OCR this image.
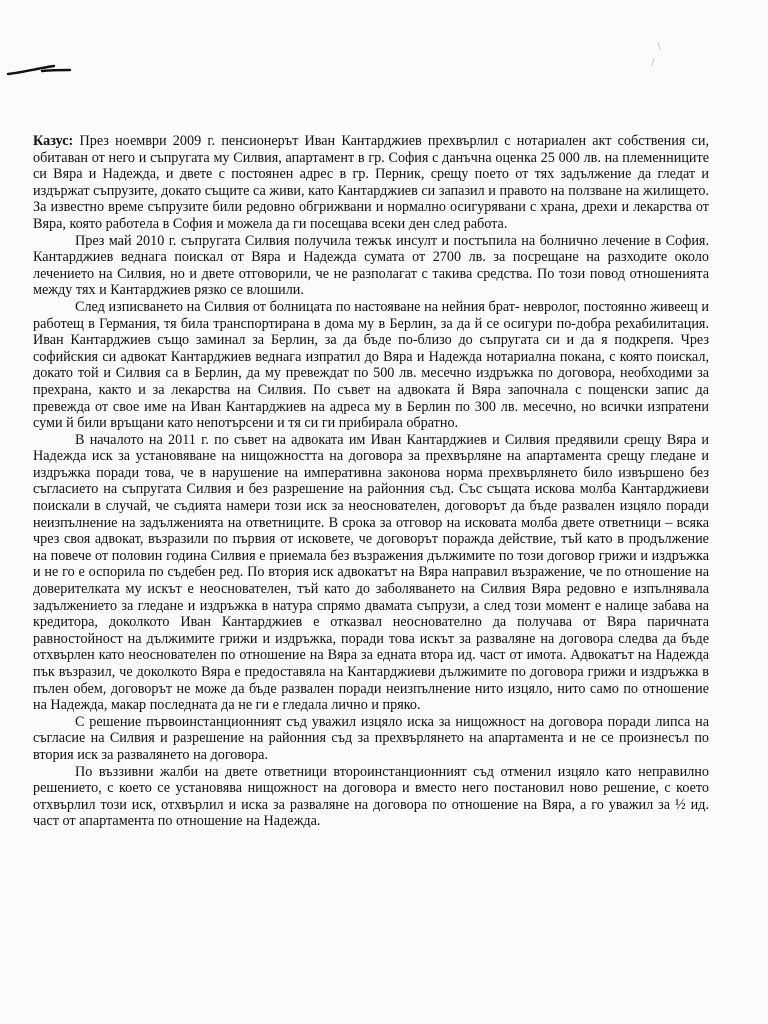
Казус: През ноември 2009 г. пенсионерът Иван Кантарджиев прехвърлил с нотариален акт собствения си, обитаван от него и съпругата му Силвия, апартамент в гр. София с данъчна оценка 25 000 лв. на племенниците си Вяра и Надежда, и двете с постоянен адрес в гр. Перник, срещу поето от тях задължение да гледат и издържат съпрузите, докато същите са живи, като Кантарджиев си запазил и правото на ползване на жилището. За известно време съпрузите били редовно обгрижвани и нормално осигурявани с храна, дрехи и лекарства от Вяра, която работела в София и можела да ги посещава всеки ден след работа.

През май 2010 г. съпругата Силвия получила тежък инсулт и постъпила на болнично лечение в София. Кантарджиев веднага поискал от Вяра и Надежда сумата от 2700 лв. за посрещане на разходите около лечението на Силвия, но и двете отговорили, че не разполагат с такива средства. По този повод отношенията между тях и Кантарджиев рязко се влошили.

След изписването на Силвия от болницата по настояване на нейния брат- невролог, постоянно живеещ и работещ в Германия, тя била транспортирана в дома му в Берлин, за да й се осигури по-добра рехабилитация. Иван Кантарджиев също заминал за Берлин, за да бъде по-близо до съпругата си и да я подкрепя. Чрез софийския си адвокат Кантарджиев веднага изпратил до Вяра и Надежда нотариална покана, с която поискал, докато той и Силвия са в Берлин, да му превеждат по 500 лв. месечно издръжка по договора, необходими за прехрана, както и за лекарства на Силвия. По съвет на адвоката й Вяра започнала с пощенски запис да превежда от свое име на Иван Кантарджиев на адреса му в Берлин по 300 лв. месечно, но всички изпратени суми й били връщани като непотърсени и тя си ги прибирала обратно.

В началото на 2011 г. по съвет на адвоката им Иван Кантарджиев и Силвия предявили срещу Вяра и Надежда иск за установяване на нищожността на договора за прехвърляне на апартамента срещу гледане и издръжка поради това, че в нарушение на императивна законова норма прехвърлянето било извършено без съгласието на съпругата Силвия и без разрешение на районния съд. Със същата искова молба Кантарджиеви поискали в случай, че съдията намери този иск за неоснователен, договорът да бъде развален изцяло поради неизпълнение на задълженията на ответниците. В срока за отговор на исковата молба двете ответници – всяка чрез своя адвокат, възразили по първия от исковете, че договорът поражда действие, тъй като в продължение на повече от половин година Силвия е приемала без възражения дължимите по този договор грижи и издръжка и не го е оспорила по съдебен ред. По втория иск адвокатът на Вяра направил възражение, че по отношение на доверителката му искът е неоснователен, тъй като до заболяването на Силвия Вяра редовно е изпълнявала задължението за гледане и издръжка в натура спрямо двамата съпрузи, а след този момент е налице забава на кредитора, доколкото Иван Кантарджиев е отказвал неоснователно да получава от Вяра паричната равностойност на дължимите грижи и издръжка, поради това искът за разваляне на договора следва да бъде отхвърлен като неоснователен по отношение на Вяра за едната втора ид. част от имота. Адвокатът на Надежда пък възразил, че доколкото Вяра е предоставяла на Кантарджиеви дължимите по договора грижи и издръжка в пълен обем, договорът не може да бъде развален поради неизпълнение нито изцяло, нито само по отношение на Надежда, макар последната да не ги е гледала лично и пряко.

С решение първоинстанционният съд уважил изцяло иска за нищожност на договора поради липса на съгласие на Силвия и разрешение на районния съд за прехвърлянето на апартамента и не се произнесъл по втория иск за развалянето на договора.

По въззивни жалби на двете ответници второинстанционният съд отменил изцяло като неправилно решението, с което се установява нищожност на договора и вместо него постановил ново решение, с което отхвърлил този иск, отхвърлил и иска за разваляне на договора по отношение на Вяра, а го уважил за ½ ид. част от апартамента по отношение на Надежда.
